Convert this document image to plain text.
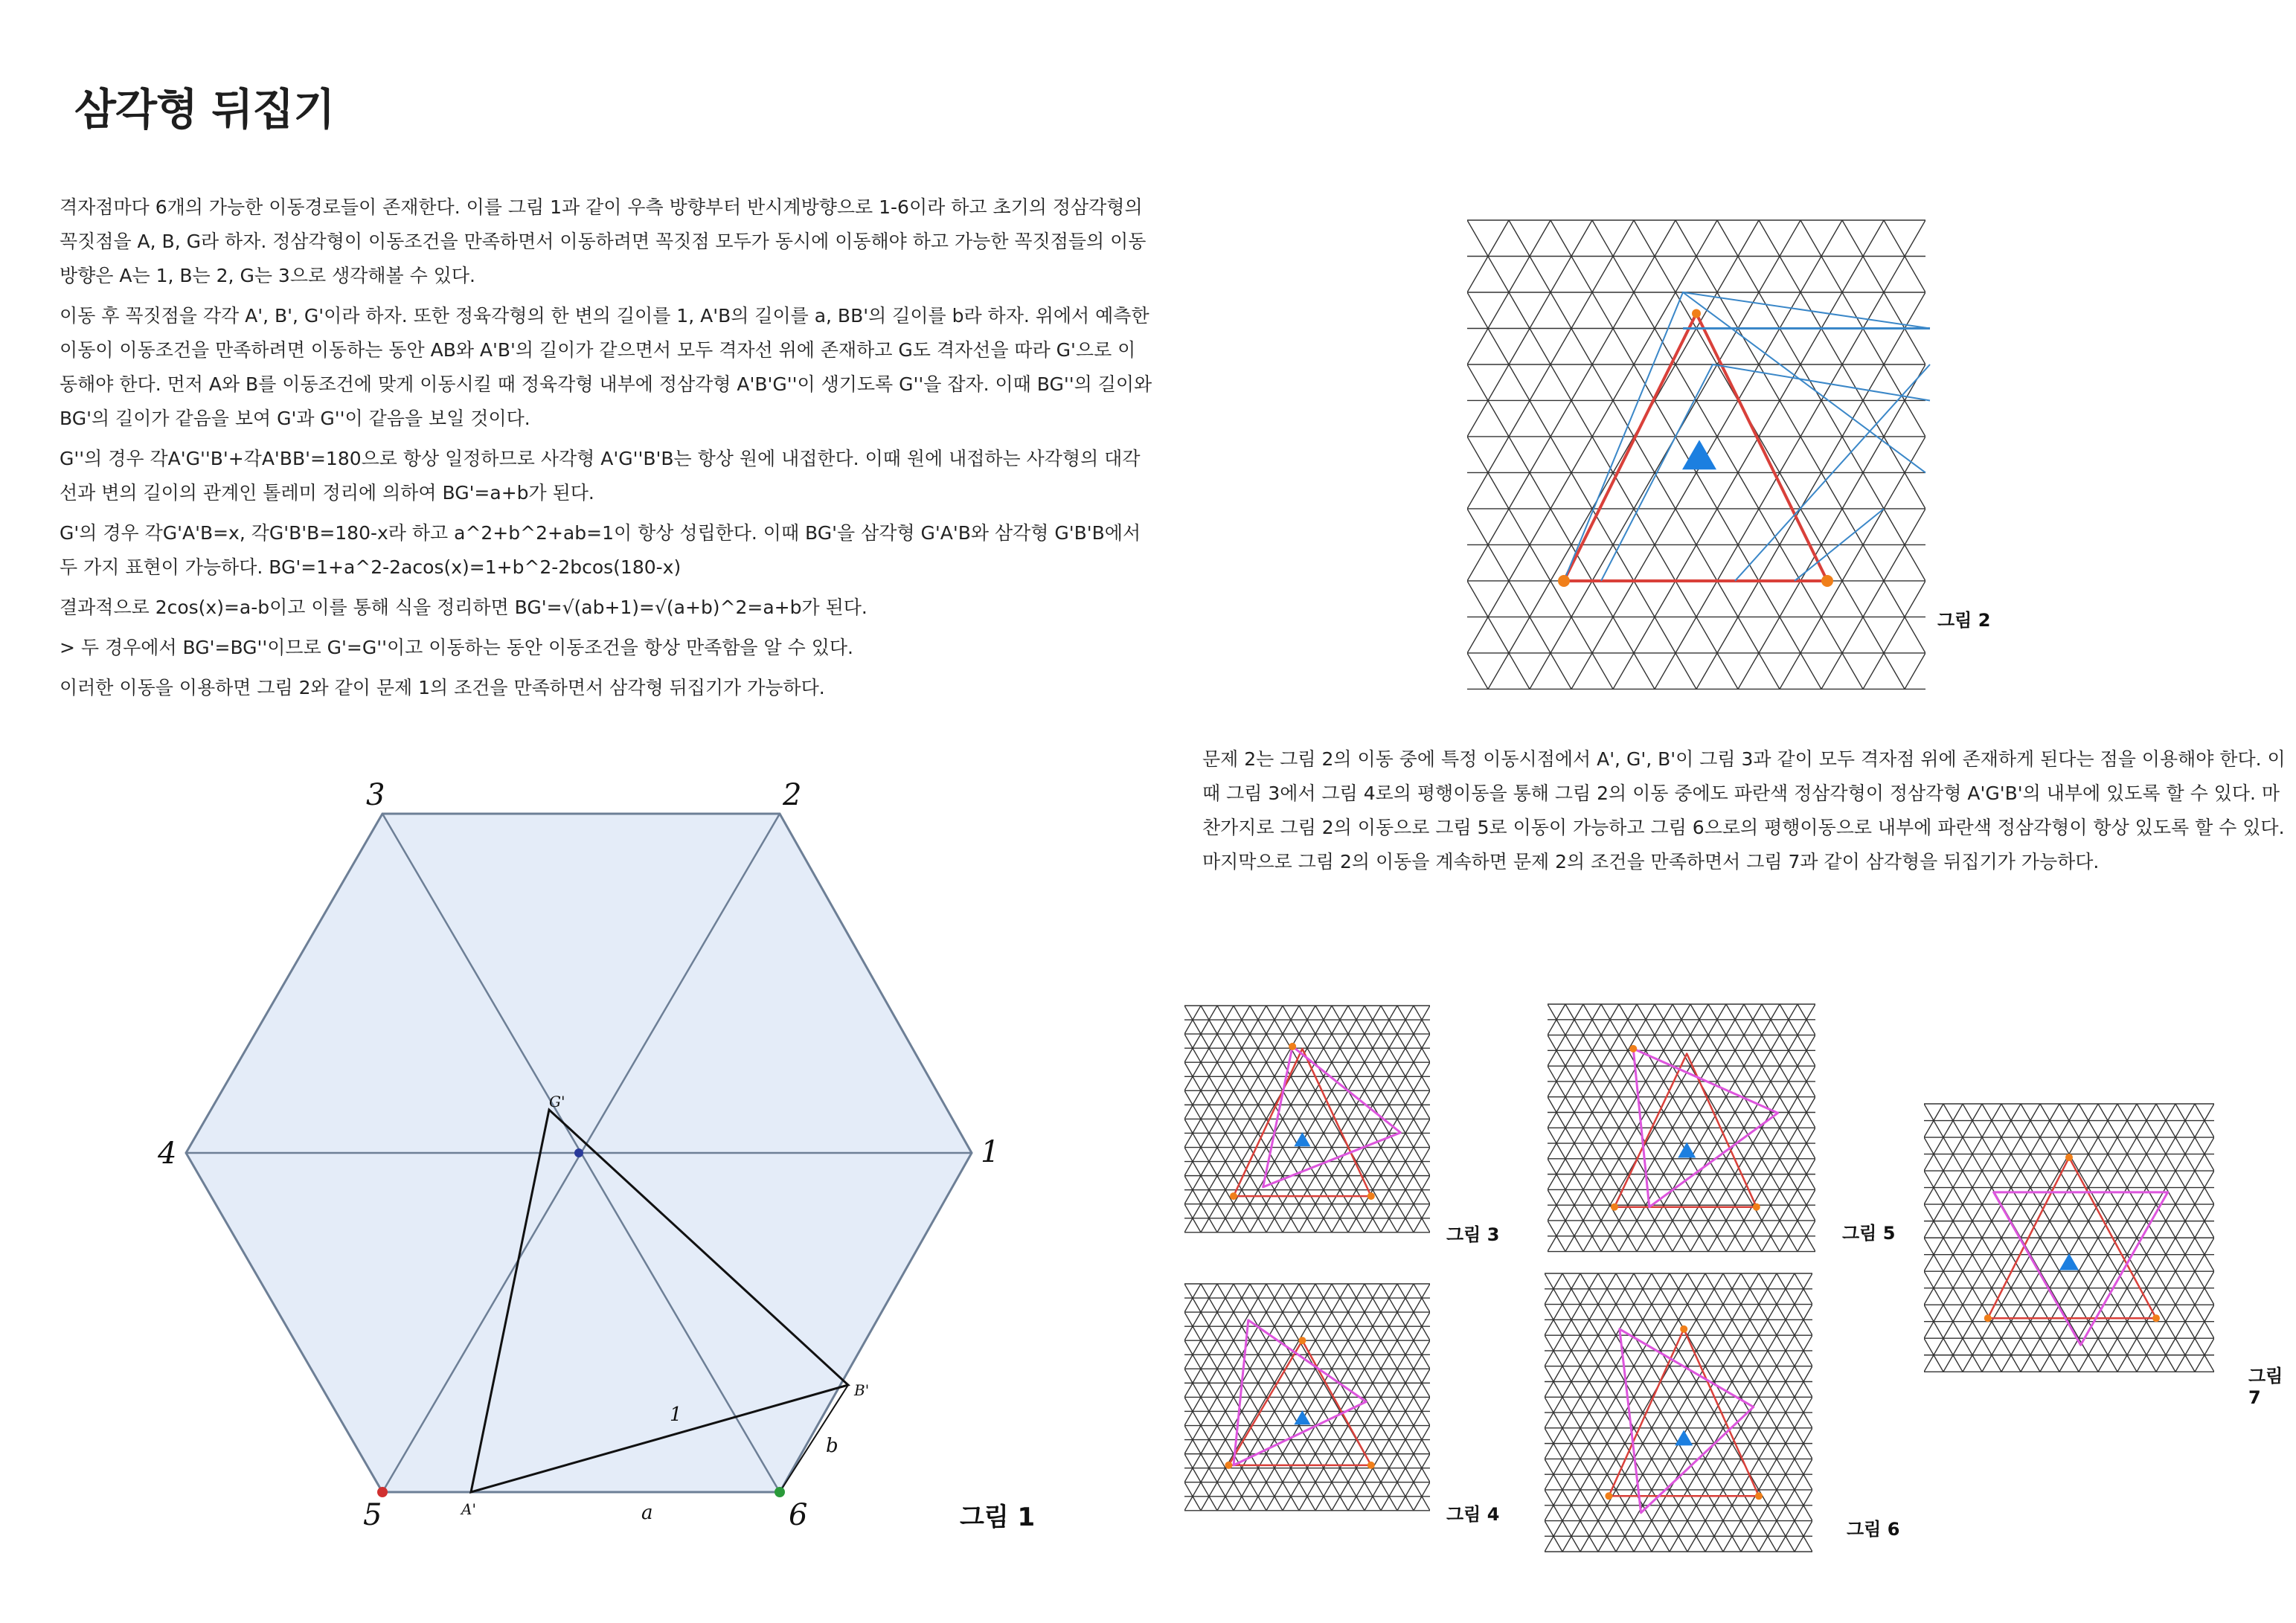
삼각형 뒤집기

격자점마다 6개의 가능한 이동경로들이 존재한다. 이를 그림 1과 같이 우측 방향부터 반시계방향으로 1-6이라 하고 초기의 정삼각형의 꼭짓점을 A, B, G라 하자. 정삼각형이 이동조건을 만족하면서 이동하려면 꼭짓점 모두가 동시에 이동해야 하고 가능한 꼭짓점들의 이동방향은 A는 1, B는 2, G는 3으로 생각해볼 수 있다.

이동 후 꼭짓점을 각각 A', B', G'이라 하자. 또한 정육각형의 한 변의 길이를 1, A'B의 길이를 a, BB'의 길이를 b라 하자. 위에서 예측한 이동이 이동조건을 만족하려면 이동하는 동안 AB와 A'B'의 길이가 같으면서 모두 격자선 위에 존재하고 G도 격자선을 따라 G'으로 이동해야 한다. 먼저 A와 B를 이동조건에 맞게 이동시킬 때 정육각형 내부에 정삼각형 A'B'G''이 생기도록 G''을 잡자. 이때 BG''의 길이와 BG'의 길이가 같음을 보여 G'과 G''이 같음을 보일 것이다.

G''의 경우 각A'G''B'+각A'BB'=180으로 항상 일정하므로 사각형 A'G''B'B는 항상 원에 내접한다. 이때 원에 내접하는 사각형의 대각선과 변의 길이의 관계인 톨레미 정리에 의하여 BG'=a+b가 된다.

G'의 경우 각G'A'B=x, 각G'B'B=180-x라 하고 a^2+b^2+ab=1이 항상 성립한다. 이때 BG'을 삼각형 G'A'B와 삼각형 G'B'B에서 두 가지 표현이 가능하다. BG'=1+a^2-2acos(x)=1+b^2-2bcos(180-x)

결과적으로 2cos(x)=a-b이고 이를 통해 식을 정리하면 BG'=√(ab+1)=√(a+b)^2=a+b가 된다.

> 두 경우에서 BG'=BG''이므로 G'=G''이고 이동하는 동안 이동조건을 항상 만족함을 알 수 있다.

이러한 이동을 이용하면 그림 2와 같이 문제 1의 조건을 만족하면서 삼각형 뒤집기가 가능하다.

문제 2는 그림 2의 이동 중에 특정 이동시점에서 A', G', B'이 그림 3과 같이 모두 격자점 위에 존재하게 된다는 점을 이용해야 한다. 이때 그림 3에서 그림 4로의 평행이동을 통해 그림 2의 이동 중에도 파란색 정삼각형이 정삼각형 A'G'B'의 내부에 있도록 할 수 있다. 마찬가지로 그림 2의 이동으로 그림 5로 이동이 가능하고 그림 6으로의 평행이동으로 내부에 파란색 정삼각형이 항상 있도록 할 수 있다. 마지막으로 그림 2의 이동을 계속하면 문제 2의 조건을 만족하면서 그림 7과 같이 삼각형을 뒤집기가 가능하다.

1
2
3
4
5	6
G'
B'
A'
1
a
b
그림 1
그림 2
그림 3
그림 4
그림 5
그림 6
그림 7
